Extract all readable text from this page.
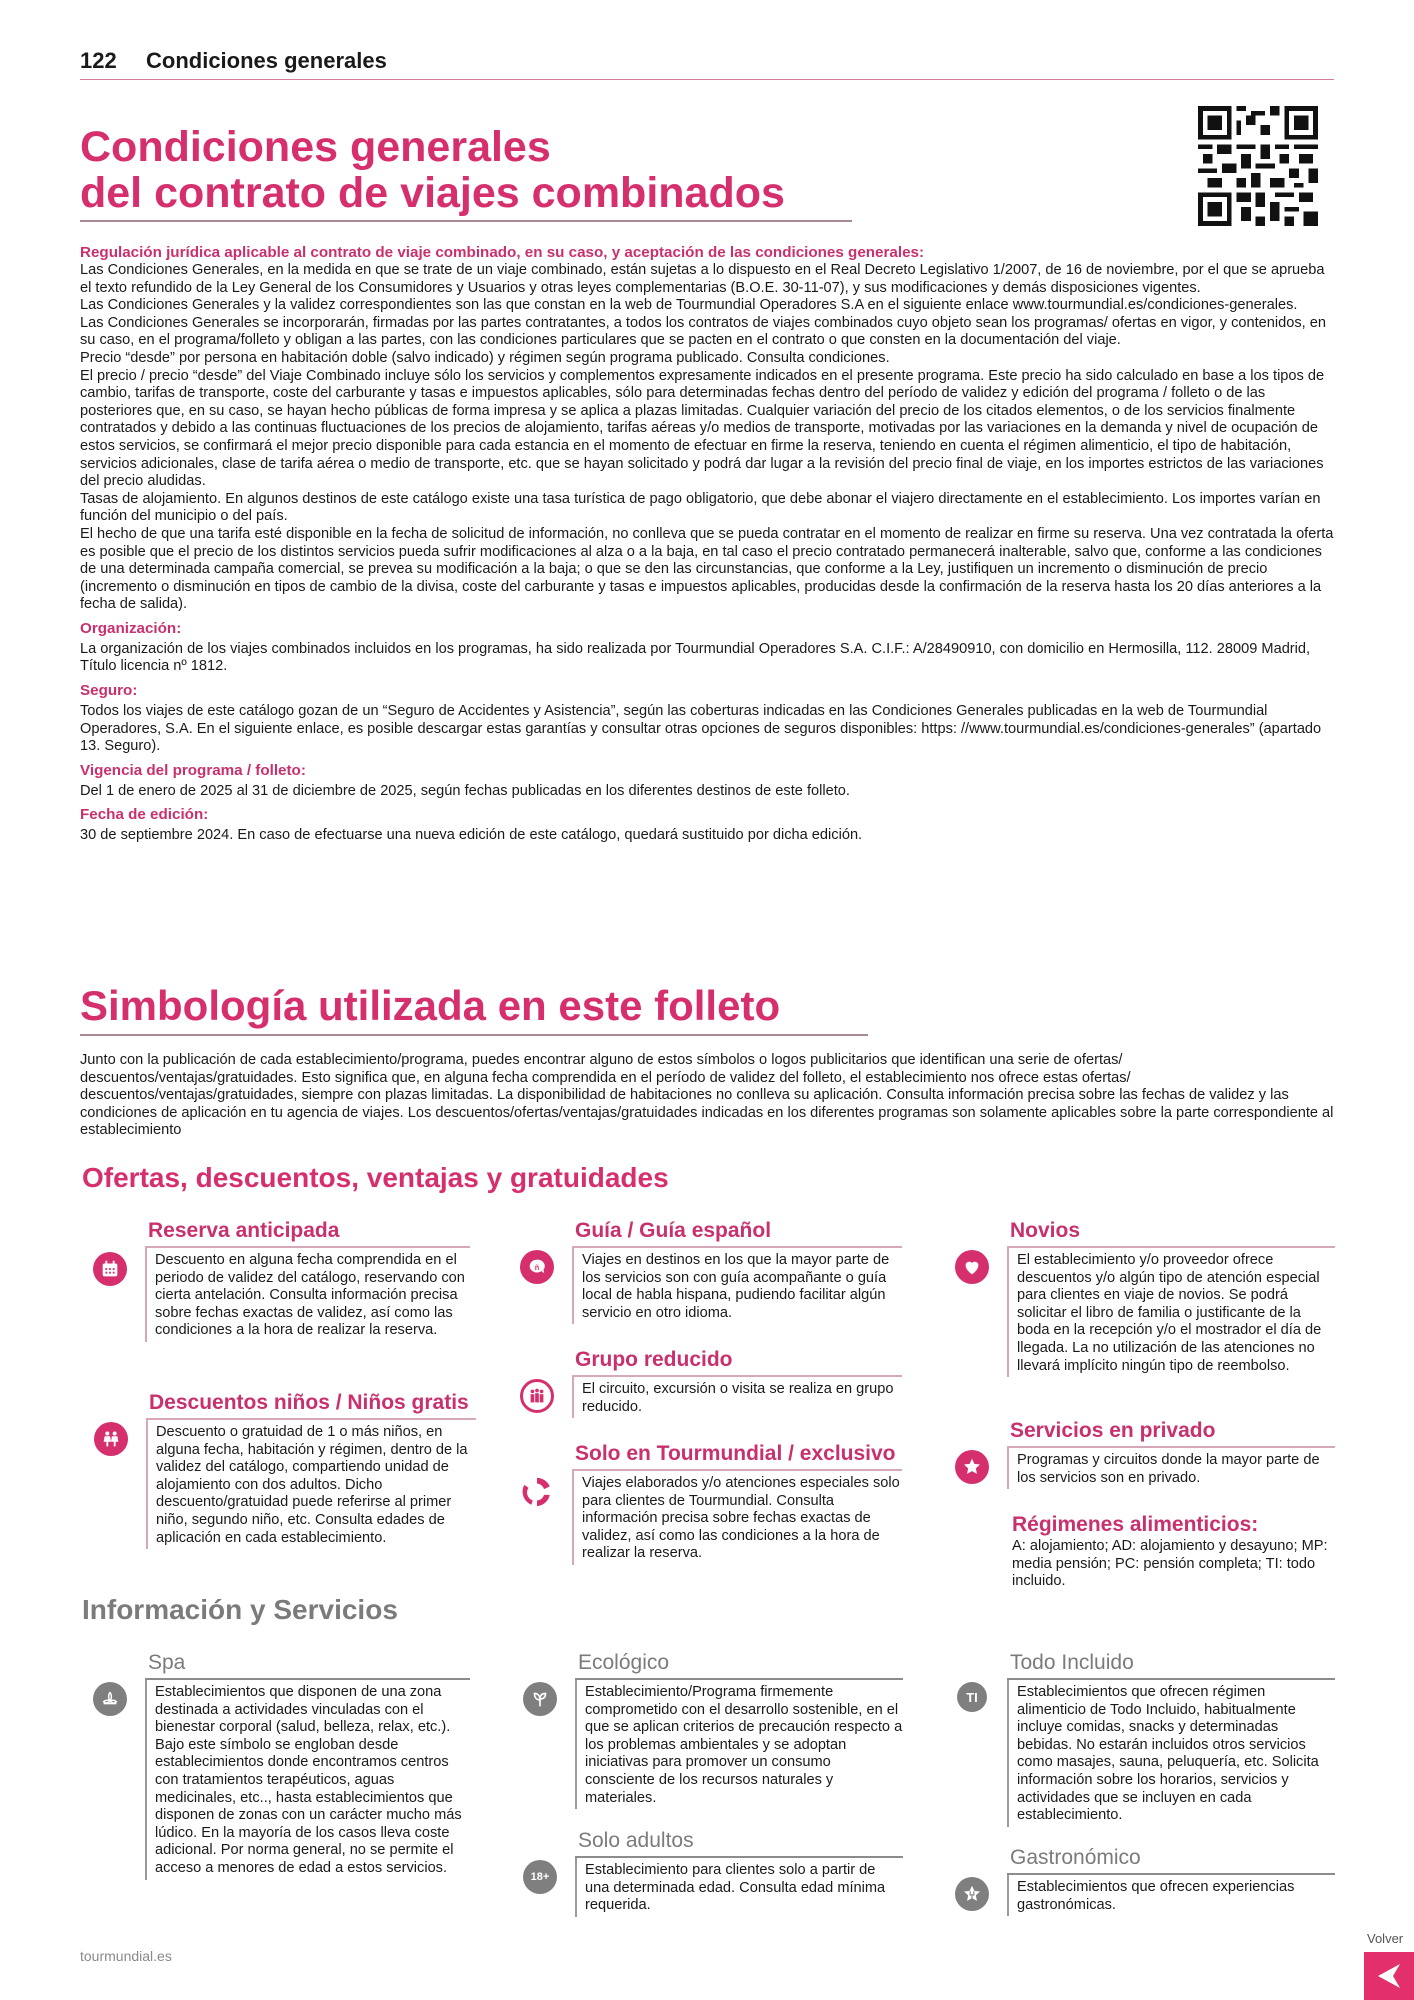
122 Condiciones generales
Condiciones generales
del contrato de viajes combinados
Regulación jurídica aplicable al contrato de viaje combinado, en su caso, y aceptación de las condiciones generales:

Las Condiciones Generales, en la medida en que se trate de un viaje combinado, están sujetas a lo dispuesto en el Real Decreto Legislativo 1/2007, de 16 de noviembre, por el que se aprueba el texto refundido de la Ley General de los Consumidores y Usuarios y otras leyes complementarias (B.O.E. 30-11-07), y sus modificaciones y demás disposiciones vigentes.

Las Condiciones Generales y la validez correspondientes son las que constan en la web de Tourmundial Operadores S.A en el siguiente enlace www.tourmundial.es/condiciones-generales.

Las Condiciones Generales se incorporarán, firmadas por las partes contratantes, a todos los contratos de viajes combinados cuyo objeto sean los programas/ ofertas en vigor, y contenidos, en su caso, en el programa/folleto y obligan a las partes, con las condiciones particulares que se pacten en el contrato o que consten en la documentación del viaje.

Precio “desde” por persona en habitación doble (salvo indicado) y régimen según programa publicado. Consulta condiciones.

El precio / precio “desde” del Viaje Combinado incluye sólo los servicios y complementos expresamente indicados en el presente programa. Este precio ha sido calculado en base a los tipos de cambio, tarifas de transporte, coste del carburante y tasas e impuestos aplicables, sólo para determinadas fechas dentro del período de validez y edición del programa / folleto o de las posteriores que, en su caso, se hayan hecho públicas de forma impresa y se aplica a plazas limitadas. Cualquier variación del precio de los citados elementos, o de los servicios finalmente contratados y debido a las continuas fluctuaciones de los precios de alojamiento, tarifas aéreas y/o medios de transporte, motivadas por las variaciones en la demanda y nivel de ocupación de estos servicios, se confirmará el mejor precio disponible para cada estancia en el momento de efectuar en firme la reserva, teniendo en cuenta el régimen alimenticio, el tipo de habitación, servicios adicionales, clase de tarifa aérea o medio de transporte, etc. que se hayan solicitado y podrá dar lugar a la revisión del precio final de viaje, en los importes estrictos de las variaciones del precio aludidas.

Tasas de alojamiento. En algunos destinos de este catálogo existe una tasa turística de pago obligatorio, que debe abonar el viajero directamente en el establecimiento. Los importes varían en función del municipio o del país.

El hecho de que una tarifa esté disponible en la fecha de solicitud de información, no conlleva que se pueda contratar en el momento de realizar en firme su reserva. Una vez contratada la oferta es posible que el precio de los distintos servicios pueda sufrir modificaciones al alza o a la baja, en tal caso el precio contratado permanecerá inalterable, salvo que, conforme a las condiciones de una determinada campaña comercial, se prevea su modificación a la baja; o que se den las circunstancias, que conforme a la Ley, justifiquen un incremento o disminución de precio (incremento o disminución en tipos de cambio de la divisa, coste del carburante y tasas e impuestos aplicables, producidas desde la confirmación de la reserva hasta los 20 días anteriores a la fecha de salida).

Organización:

La organización de los viajes combinados incluidos en los programas, ha sido realizada por Tourmundial Operadores S.A. C.I.F.: A/28490910, con domicilio en Hermosilla, 112. 28009 Madrid, Título licencia nº 1812.

Seguro:

Todos los viajes de este catálogo gozan de un “Seguro de Accidentes y Asistencia”, según las coberturas indicadas en las Condiciones Generales publicadas en la web de Tourmundial Operadores, S.A. En el siguiente enlace, es posible descargar estas garantías y consultar otras opciones de seguros disponibles: https: //www.tourmundial.es/condiciones-generales” (apartado 13. Seguro).

Vigencia del programa / folleto:

Del 1 de enero de 2025 al 31 de diciembre de 2025, según fechas publicadas en los diferentes destinos de este folleto.

Fecha de edición:

30 de septiembre 2024. En caso de efectuarse una nueva edición de este catálogo, quedará sustituido por dicha edición.

Simbología utilizada en este folleto
Junto con la publicación de cada establecimiento/programa, puedes encontrar alguno de estos símbolos o logos publicitarios que identifican una serie de ofertas/ descuentos/ventajas/gratuidades. Esto significa que, en alguna fecha comprendida en el período de validez del folleto, el establecimiento nos ofrece estas ofertas/ descuentos/ventajas/gratuidades, siempre con plazas limitadas. La disponibilidad de habitaciones no conlleva su aplicación. Consulta información precisa sobre las fechas de validez y las condiciones de aplicación en tu agencia de viajes. Los descuentos/ofertas/ventajas/gratuidades indicadas en los diferentes programas son solamente aplicables sobre la parte correspondiente al establecimiento
Ofertas, descuentos, ventajas y gratuidades
Reserva anticipada
Descuento en alguna fecha comprendida en el periodo de validez del catálogo, reservando con cierta antelación. Consulta información precisa sobre fechas exactas de validez, así como las condiciones a la hora de realizar la reserva.
Descuentos niños / Niños gratis
Descuento o gratuidad de 1 o más niños, en alguna fecha, habitación y régimen, dentro de la validez del catálogo, compartiendo unidad de alojamiento con dos adultos. Dicho descuento/gratuidad puede referirse al primer niño, segundo niño, etc. Consulta edades de aplicación en cada establecimiento.
Guía / Guía español
ñ	Viajes en destinos en los que la mayor parte de los servicios son con guía acompañante o guía local de habla hispana, pudiendo facilitar algún servicio en otro idioma.
Grupo reducido
El circuito, excursión o visita se realiza en grupo reducido.
Solo en Tourmundial / exclusivo
Viajes elaborados y/o atenciones especiales solo para clientes de Tourmundial. Consulta información precisa sobre fechas exactas de validez, así como las condiciones a la hora de realizar la reserva.
Novios
El establecimiento y/o proveedor ofrece descuentos y/o algún tipo de atención especial para clientes en viaje de novios. Se podrá solicitar el libro de familia o justificante de la boda en la recepción y/o el mostrador el día de llegada. La no utilización de las atenciones no llevará implícito ningún tipo de reembolso.
Servicios en privado
Programas y circuitos donde la mayor parte de los servicios son en privado.
Régimenes alimenticios:
A: alojamiento; AD: alojamiento y desayuno; MP: media pensión; PC: pensión completa; TI: todo incluido.
Información y Servicios
Spa
Establecimientos que disponen de una zona destinada a actividades vinculadas con el bienestar corporal (salud, belleza, relax, etc.). Bajo este símbolo se engloban desde establecimientos donde encontramos centros con tratamientos terapéuticos, aguas medicinales, etc.., hasta establecimientos que disponen de zonas con un carácter mucho más lúdico. En la mayoría de los casos lleva coste adicional. Por norma general, no se permite el acceso a menores de edad a estos servicios.
Ecológico
Establecimiento/Programa firmemente comprometido con el desarrollo sostenible, en el que se aplican criterios de precaución respecto a los problemas ambientales y se adoptan iniciativas para promover un consumo consciente de los recursos naturales y materiales.
Solo adultos
18+	Establecimiento para clientes solo a partir de una determinada edad. Consulta edad mínima requerida.
Todo Incluido
TI	Establecimientos que ofrecen régimen alimenticio de Todo Incluido, habitualmente incluye comidas, snacks y determinadas bebidas. No estarán incluidos otros servicios como masajes, sauna, peluquería, etc. Solicita información sobre los horarios, servicios y actividades que se incluyen en cada establecimiento.
Gastronómico
Establecimientos que ofrecen experiencias gastronómicas.
tourmundial.es
Volver
